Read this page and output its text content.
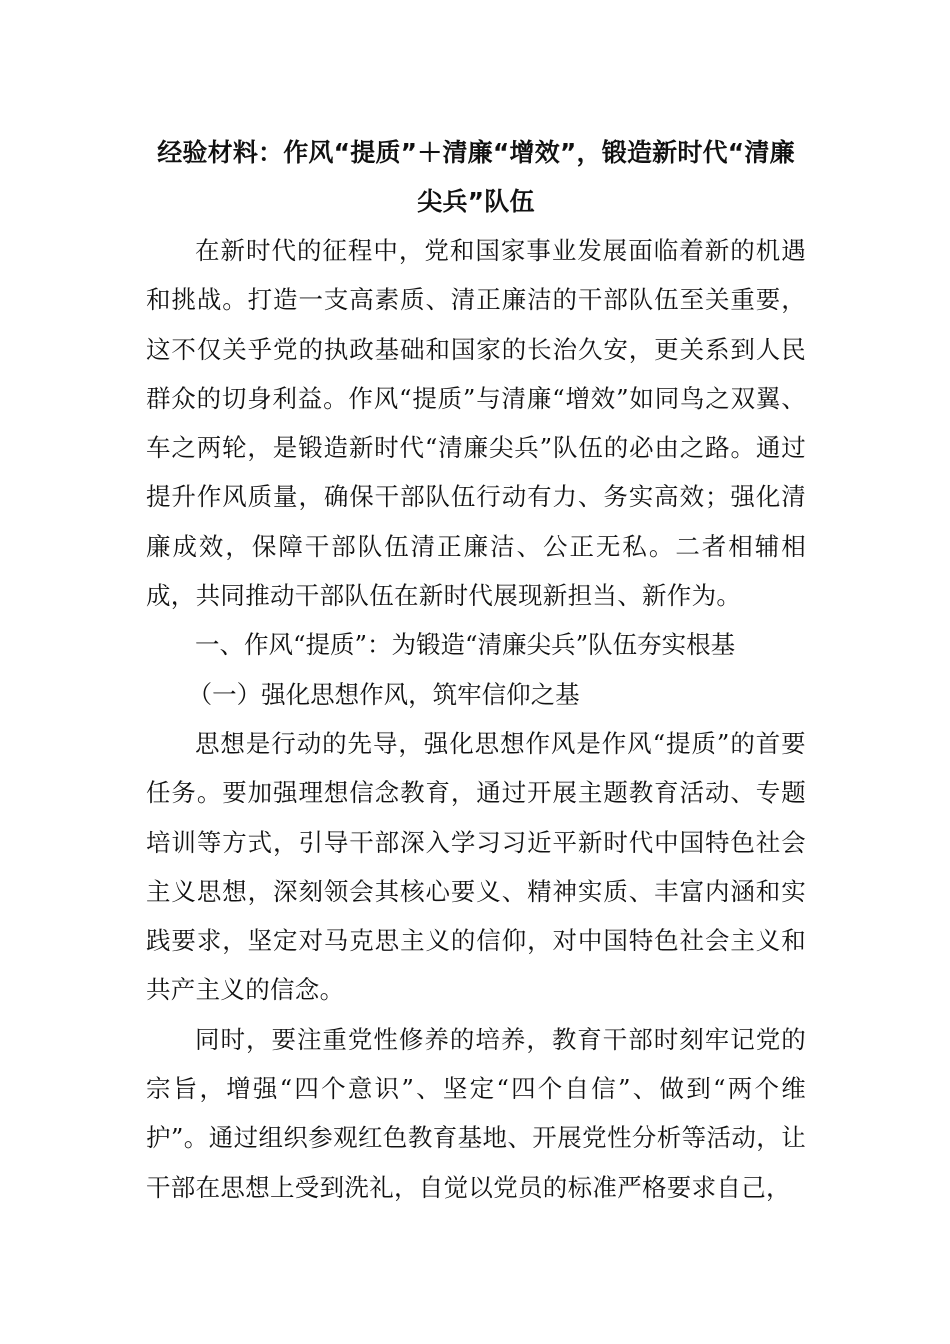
经验材料：作风“提质”＋清廉“增效”，锻造新时代“清廉尖兵”队伍

在新时代的征程中，党和国家事业发展面临着新的机遇和挑战。打造一支高素质、清正廉洁的干部队伍至关重要，这不仅关乎党的执政基础和国家的长治久安，更关系到人民群众的切身利益。作风“提质”与清廉“增效”如同鸟之双翼、车之两轮，是锻造新时代“清廉尖兵”队伍的必由之路。通过提升作风质量，确保干部队伍行动有力、务实高效；强化清廉成效，保障干部队伍清正廉洁、公正无私。二者相辅相成，共同推动干部队伍在新时代展现新担当、新作为。

一、作风“提质”：为锻造“清廉尖兵”队伍夯实根基

（一）强化思想作风，筑牢信仰之基

思想是行动的先导，强化思想作风是作风“提质”的首要任务。要加强理想信念教育，通过开展主题教育活动、专题培训等方式，引导干部深入学习习近平新时代中国特色社会主义思想，深刻领会其核心要义、精神实质、丰富内涵和实践要求，坚定对马克思主义的信仰，对中国特色社会主义和共产主义的信念。

同时，要注重党性修养的培养，教育干部时刻牢记党的宗旨，增强“四个意识”、坚定“四个自信”、做到“两个维护”。通过组织参观红色教育基地、开展党性分析等活动，让干部在思想上受到洗礼，自觉以党员的标准严格要求自己，
